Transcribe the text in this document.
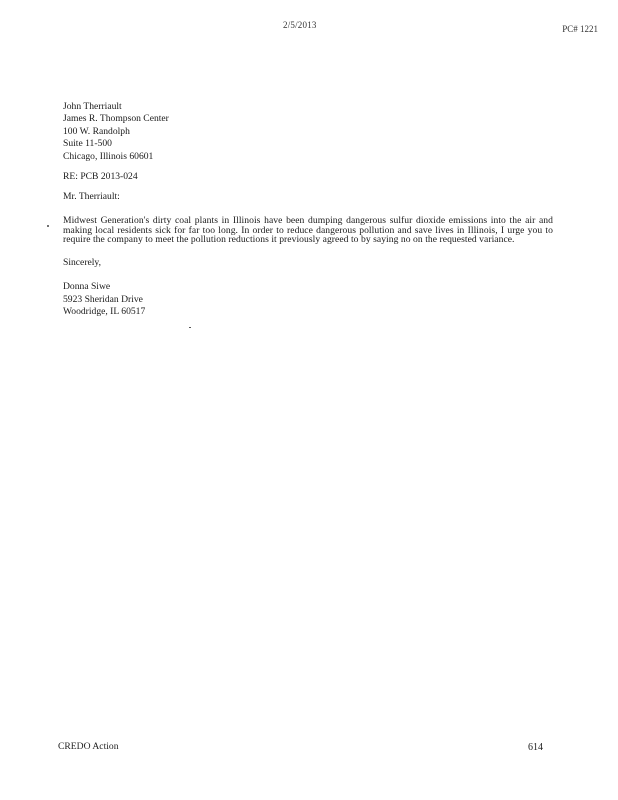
2/5/2013	PC# 1221
John Therriault
James R. Thompson Center
100 W. Randolph
Suite 11-500
Chicago, Illinois 60601
RE: PCB 2013-024
Mr. Therriault:
Midwest Generation's dirty coal plants in Illinois have been dumping dangerous sulfur dioxide emissions into the air and making local residents sick for far too long. In order to reduce dangerous pollution and save lives in Illinois, I urge you to require the company to meet the pollution reductions it previously agreed to by saying no on the requested variance.
Sincerely,
Donna Siwe
5923 Sheridan Drive
Woodridge, IL 60517
CREDO Action	614
